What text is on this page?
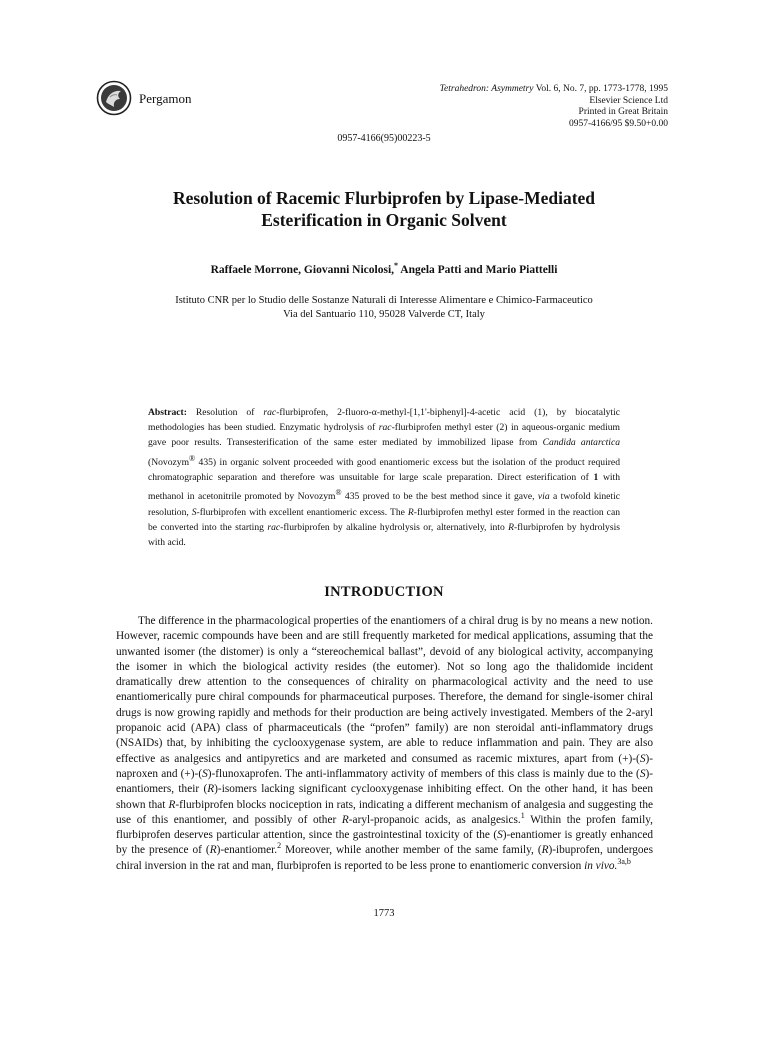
Pergamon
Tetrahedron: Asymmetry Vol. 6, No. 7, pp. 1773-1778, 1995
Elsevier Science Ltd
Printed in Great Britain
0957-4166/95 $9.50+0.00
0957-4166(95)00223-5
Resolution of Racemic Flurbiprofen by Lipase-Mediated
Esterification in Organic Solvent
Raffaele Morrone, Giovanni Nicolosi,* Angela Patti and Mario Piattelli
Istituto CNR per lo Studio delle Sostanze Naturali di Interesse Alimentare e Chimico-Farmaceutico
Via del Santuario 110, 95028 Valverde CT, Italy
Abstract: Resolution of rac-flurbiprofen, 2-fluoro-α-methyl-[1,1'-biphenyl]-4-acetic acid (1), by biocatalytic methodologies has been studied. Enzymatic hydrolysis of rac-flurbiprofen methyl ester (2) in aqueous-organic medium gave poor results. Transesterification of the same ester mediated by immobilized lipase from Candida antarctica (Novozym® 435) in organic solvent proceeded with good enantiomeric excess but the isolation of the product required chromatographic separation and therefore was unsuitable for large scale preparation. Direct esterification of 1 with methanol in acetonitrile promoted by Novozym® 435 proved to be the best method since it gave, via a twofold kinetic resolution, S-flurbiprofen with excellent enantiomeric excess. The R-flurbiprofen methyl ester formed in the reaction can be converted into the starting rac-flurbiprofen by alkaline hydrolysis or, alternatively, into R-flurbiprofen by hydrolysis with acid.
INTRODUCTION
The difference in the pharmacological properties of the enantiomers of a chiral drug is by no means a new notion. However, racemic compounds have been and are still frequently marketed for medical applications, assuming that the unwanted isomer (the distomer) is only a “stereochemical ballast”, devoid of any biological activity, accompanying the isomer in which the biological activity resides (the eutomer). Not so long ago the thalidomide incident dramatically drew attention to the consequences of chirality on pharmacological activity and the need to use enantiomerically pure chiral compounds for pharmaceutical purposes. Therefore, the demand for single-isomer chiral drugs is now growing rapidly and methods for their production are being actively investigated. Members of the 2-aryl propanoic acid (APA) class of pharmaceuticals (the “profen” family) are non steroidal anti-inflammatory drugs (NSAIDs) that, by inhibiting the cyclooxygenase system, are able to reduce inflammation and pain. They are also effective as analgesics and antipyretics and are marketed and consumed as racemic mixtures, apart from (+)-(S)-naproxen and (+)-(S)-flunoxaprofen. The anti-inflammatory activity of members of this class is mainly due to the (S)-enantiomers, their (R)-isomers lacking significant cyclooxygenase inhibiting effect. On the other hand, it has been shown that R-flurbiprofen blocks nociception in rats, indicating a different mechanism of analgesia and suggesting the use of this enantiomer, and possibly of other R-aryl-propanoic acids, as analgesics.$^1$ Within the profen family, flurbiprofen deserves particular attention, since the gastrointestinal toxicity of the (S)-enantiomer is greatly enhanced by the presence of (R)-enantiomer.$^2$ Moreover, while another member of the same family, (R)-ibuprofen, undergoes chiral inversion in the rat and man, flurbiprofen is reported to be less prone to enantiomeric conversion in vivo.$^{3a,b}$
1773
